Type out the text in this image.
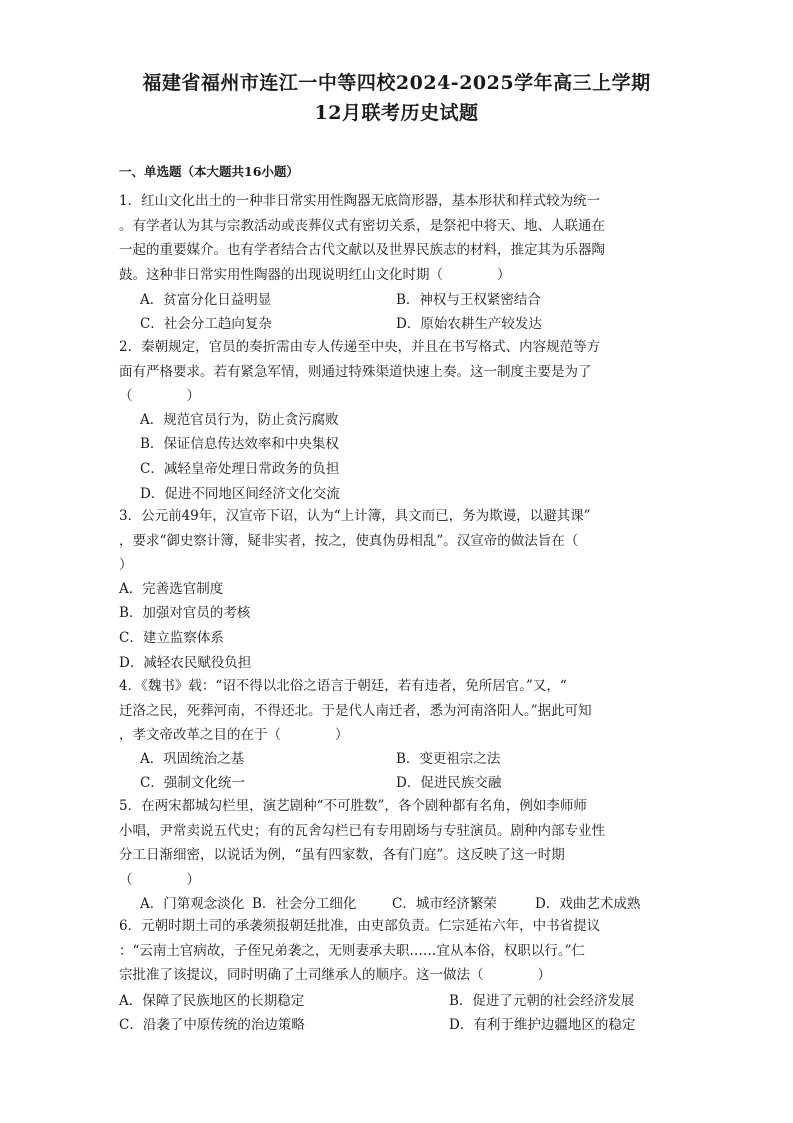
福建省福州市连江一中等四校2024-2025学年高三上学期
12月联考历史试题
一、单选题（本大题共16小题）
1．红山文化出土的一种非日常实用性陶器无底筒形器，基本形状和样式较为统一
。有学者认为其与宗教活动或丧葬仪式有密切关系，是祭祀中将天、地、人联通在
一起的重要媒介。也有学者结合古代文献以及世界民族志的材料，推定其为乐器陶
鼓。这种非日常实用性陶器的出现说明红山文化时期（　　　　）
A．贫富分化日益明显	B．神权与王权紧密结合
C．社会分工趋向复杂	D．原始农耕生产较发达
2．秦朝规定，官员的奏折需由专人传递至中央，并且在书写格式、内容规范等方
面有严格要求。若有紧急军情，则通过特殊渠道快速上奏。这一制度主要是为了
（　　　　）
A．规范官员行为，防止贪污腐败
B．保证信息传达效率和中央集权
C．减轻皇帝处理日常政务的负担
D．促进不同地区间经济文化交流
3．公元前49年，汉宣帝下诏，认为“上计簿，具文而已，务为欺谩，以避其课”
，要求“御史察计簿，疑非实者，按之，使真伪毋相乱”。汉宣帝的做法旨在（
）
A．完善选官制度
B．加强对官员的考核
C．建立监察体系
D．减轻农民赋役负担
4．《魏书》载：“诏不得以北俗之语言于朝廷，若有违者，免所居官。”又，“
迁洛之民，死葬河南，不得还北。于是代人南迁者，悉为河南洛阳人。”据此可知
，孝文帝改革之目的在于（　　　　）
A．巩固统治之基	B．变更祖宗之法
C．强制文化统一	D．促进民族交融
5．在两宋都城勾栏里，演艺剧种“不可胜数”，各个剧种都有名角，例如李师师
小唱，尹常卖说五代史；有的瓦舍勾栏已有专用剧场与专驻演员。剧种内部专业性
分工日渐细密，以说话为例，“虽有四家数，各有门庭”。这反映了这一时期
（　　　　）
A．门第观念淡化 B．社会分工细化	C．城市经济繁荣	D．戏曲艺术成熟
6．元朝时期土司的承袭须报朝廷批准，由吏部负责。仁宗延祐六年，中书省提议
：“云南土官病故，子侄兄弟袭之，无则妻承夫职……宜从本俗，权职以行。”仁
宗批准了该提议，同时明确了土司继承人的顺序。这一做法（　　　　）
A．保障了民族地区的长期稳定	B．促进了元朝的社会经济发展
C．沿袭了中原传统的治边策略	D．有利于维护边疆地区的稳定
